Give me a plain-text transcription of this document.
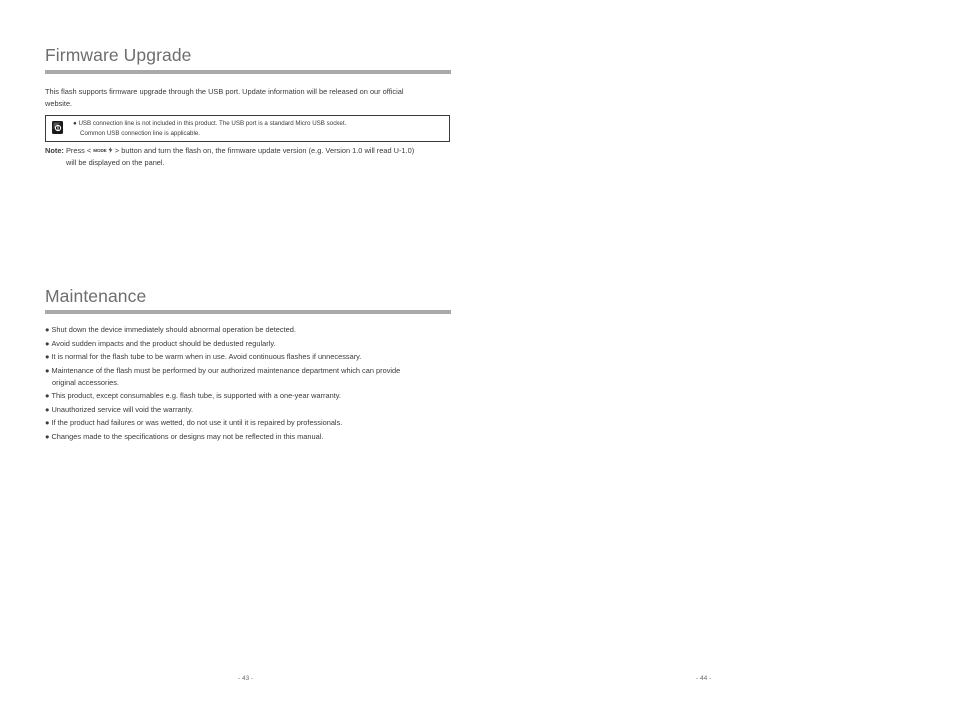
Firmware Upgrade

This flash supports firmware upgrade through the USB port. Update information will be released on our official
website.

● USB connection line is not included in this product. The USB port is a standard Micro USB socket.
Common USB connection line is applicable.
Note: Press < MODE  > button and turn the flash on, the firmware update version (e.g. Version 1.0 will read U-1.0)
will be displayed on the panel.
Maintenance
● Shut down the device immediately should abnormal operation be detected.
● Avoid sudden impacts and the product should be dedusted regularly.
● It is normal for the flash tube to be warm when in use. Avoid continuous flashes if unnecessary.
● Maintenance of the flash must be performed by our authorized maintenance department which can provide
original accessories.
● This product, except consumables e.g. flash tube, is supported with a one-year warranty.
● Unauthorized service will void the warranty.
● If the product had failures or was wetted, do not use it until it is repaired by professionals.
● Changes made to the specifications or designs may not be reflected in this manual.
- 43 -	- 44 -
